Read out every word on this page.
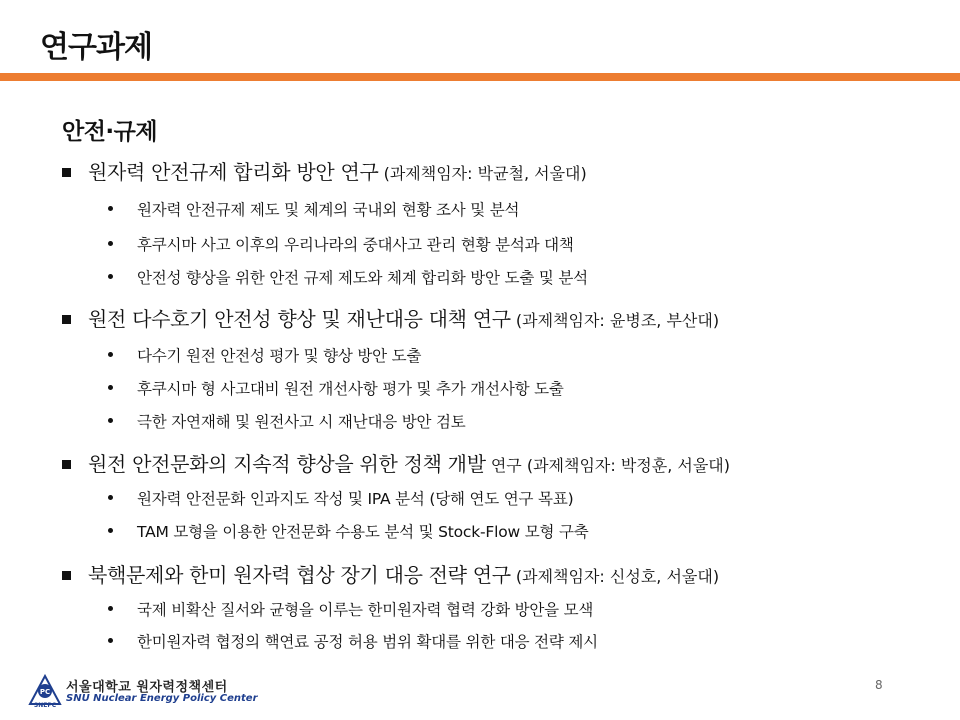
연구과제
안전·규제
원자력 안전규제 합리화 방안 연구 (과제책임자: 박균철, 서울대)
원자력 안전규제 제도 및 체계의 국내외 현황 조사 및 분석
후쿠시마 사고 이후의 우리나라의 중대사고 관리 현황 분석과 대책
안전성 향상을 위한 안전 규제 제도와 체계 합리화 방안 도출 및 분석
원전 다수호기 안전성 향상 및 재난대응 대책 연구 (과제책임자: 윤병조, 부산대)
다수기 원전 안전성 평가 및 향상 방안 도출
후쿠시마 형 사고대비 원전 개선사항 평가 및 추가 개선사항 도출
극한 자연재해 및 원전사고 시 재난대응 방안 검토
원전 안전문화의 지속적 향상을 위한 정책 개발 연구 (과제책임자: 박정훈, 서울대)
원자력 안전문화 인과지도 작성 및 IPA 분석 (당해 연도 연구 목표)
TAM 모형을 이용한 안전문화 수용도 분석 및 Stock-Flow 모형 구축
북핵문제와 한미 원자력 협상 장기 대응 전략 연구 (과제책임자: 신성호, 서울대)
국제 비확산 질서와 균형을 이루는 한미원자력 협력 강화 방안을 모색
한미원자력 협정의 핵연료 공정 허용 범위 확대를 위한 대응 전략 제시
PC
SNEPC
서울대학교 원자력정책센터
SNU Nuclear Energy Policy Center
8
